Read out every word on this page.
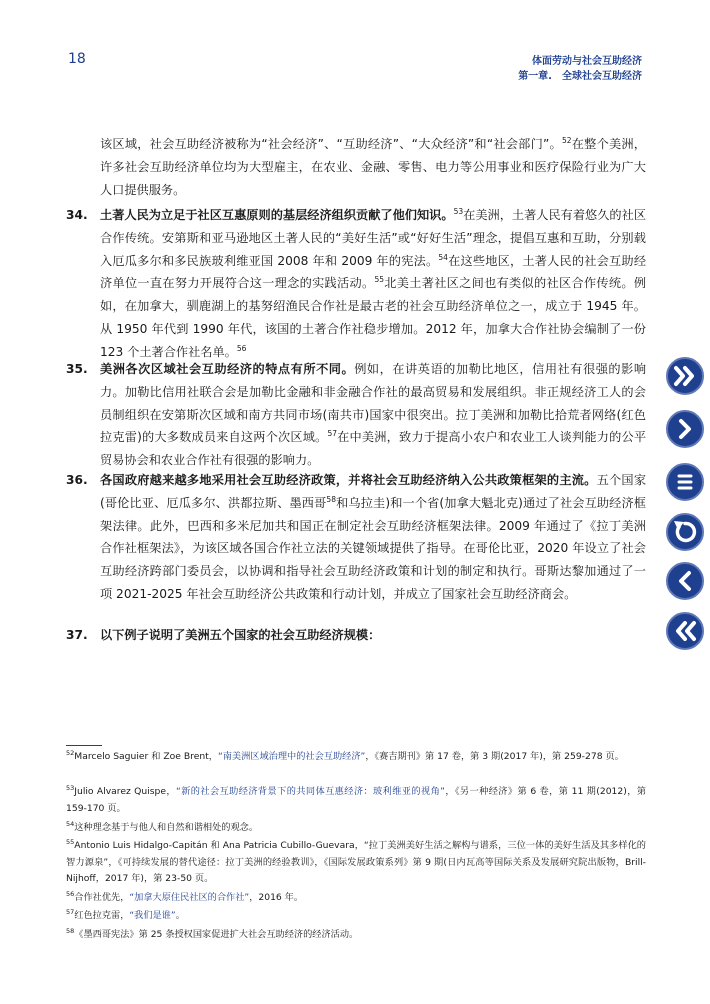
18	体面劳动与社会互助经济
第一章.　全球社会互助经济
该区域，社会互助经济被称为“社会经济”、“互助经济”、“大众经济”和“社会部门”。$^{52}$在整个美洲，许多社会互助经济单位均为大型雇主，在农业、金融、零售、电力等公用事业和医疗保险行业为广大人口提供服务。
34. 土著人民为立足于社区互惠原则的基层经济组织贡献了他们知识。$^{53}$在美洲，土著人民有着悠久的社区合作传统。安第斯和亚马逊地区土著人民的“美好生活”或“好好生活”理念，提倡互惠和互助，分别载入厄瓜多尔和多民族玻利维亚国 2008 年和 2009 年的宪法。$^{54}$在这些地区，土著人民的社会互助经济单位一直在努力开展符合这一理念的实践活动。$^{55}$北美土著社区之间也有类似的社区合作传统。例如，在加拿大，驯鹿湖上的基努绍渔民合作社是最古老的社会互助经济单位之一，成立于 1945 年。从 1950 年代到 1990 年代，该国的土著合作社稳步增加。2012 年，加拿大合作社协会编制了一份 123 个土著合作社名单。$^{56}$
35. 美洲各次区域社会互助经济的特点有所不同。例如，在讲英语的加勒比地区，信用社有很强的影响力。加勒比信用社联合会是加勒比金融和非金融合作社的最高贸易和发展组织。非正规经济工人的会员制组织在安第斯次区域和南方共同市场(南共市)国家中很突出。拉丁美洲和加勒比拾荒者网络(红色拉克雷)的大多数成员来自这两个次区域。$^{57}$在中美洲，致力于提高小农户和农业工人谈判能力的公平贸易协会和农业合作社有很强的影响力。
36. 各国政府越来越多地采用社会互助经济政策，并将社会互助经济纳入公共政策框架的主流。五个国家(哥伦比亚、厄瓜多尔、洪都拉斯、墨西哥$^{58}$和乌拉圭)和一个省(加拿大魁北克)通过了社会互助经济框架法律。此外，巴西和多米尼加共和国正在制定社会互助经济框架法律。2009 年通过了《拉丁美洲合作社框架法》，为该区域各国合作社立法的关键领域提供了指导。在哥伦比亚，2020 年设立了社会互助经济跨部门委员会，以协调和指导社会互助经济政策和计划的制定和执行。哥斯达黎加通过了一项 2021-2025 年社会互助经济公共政策和行动计划，并成立了国家社会互助经济商会。
37. 以下例子说明了美洲五个国家的社会互助经济规模：
$^{52}$Marcelo Saguier 和 Zoe Brent，“南美洲区域治理中的社会互助经济”，《赛吉期刊》第 17 卷，第 3 期(2017 年)，第 259-278 页。
$^{53}$Julio Alvarez Quispe，“新的社会互助经济背景下的共同体互惠经济：玻利维亚的视角”，《另一种经济》第 6 卷，第 11 期(2012)，第 159-170 页。
$^{54}$这种理念基于与他人和自然和谐相处的观念。
$^{55}$Antonio Luis Hidalgo-Capitán 和 Ana Patricia Cubillo-Guevara，“拉丁美洲美好生活之解构与谱系，三位一体的美好生活及其多样化的智力源泉”，《可持续发展的替代途径：拉丁美洲的经验教训》，《国际发展政策系列》第 9 期(日内瓦高等国际关系及发展研究院出版物，Brill-Nijhoff，2017 年)，第 23-50 页。
$^{56}$合作社优先，“加拿大原住民社区的合作社”，2016 年。
$^{57}$红色拉克雷，“我们是谁”。
$^{58}$《墨西哥宪法》第 25 条授权国家促进扩大社会互助经济的经济活动。
